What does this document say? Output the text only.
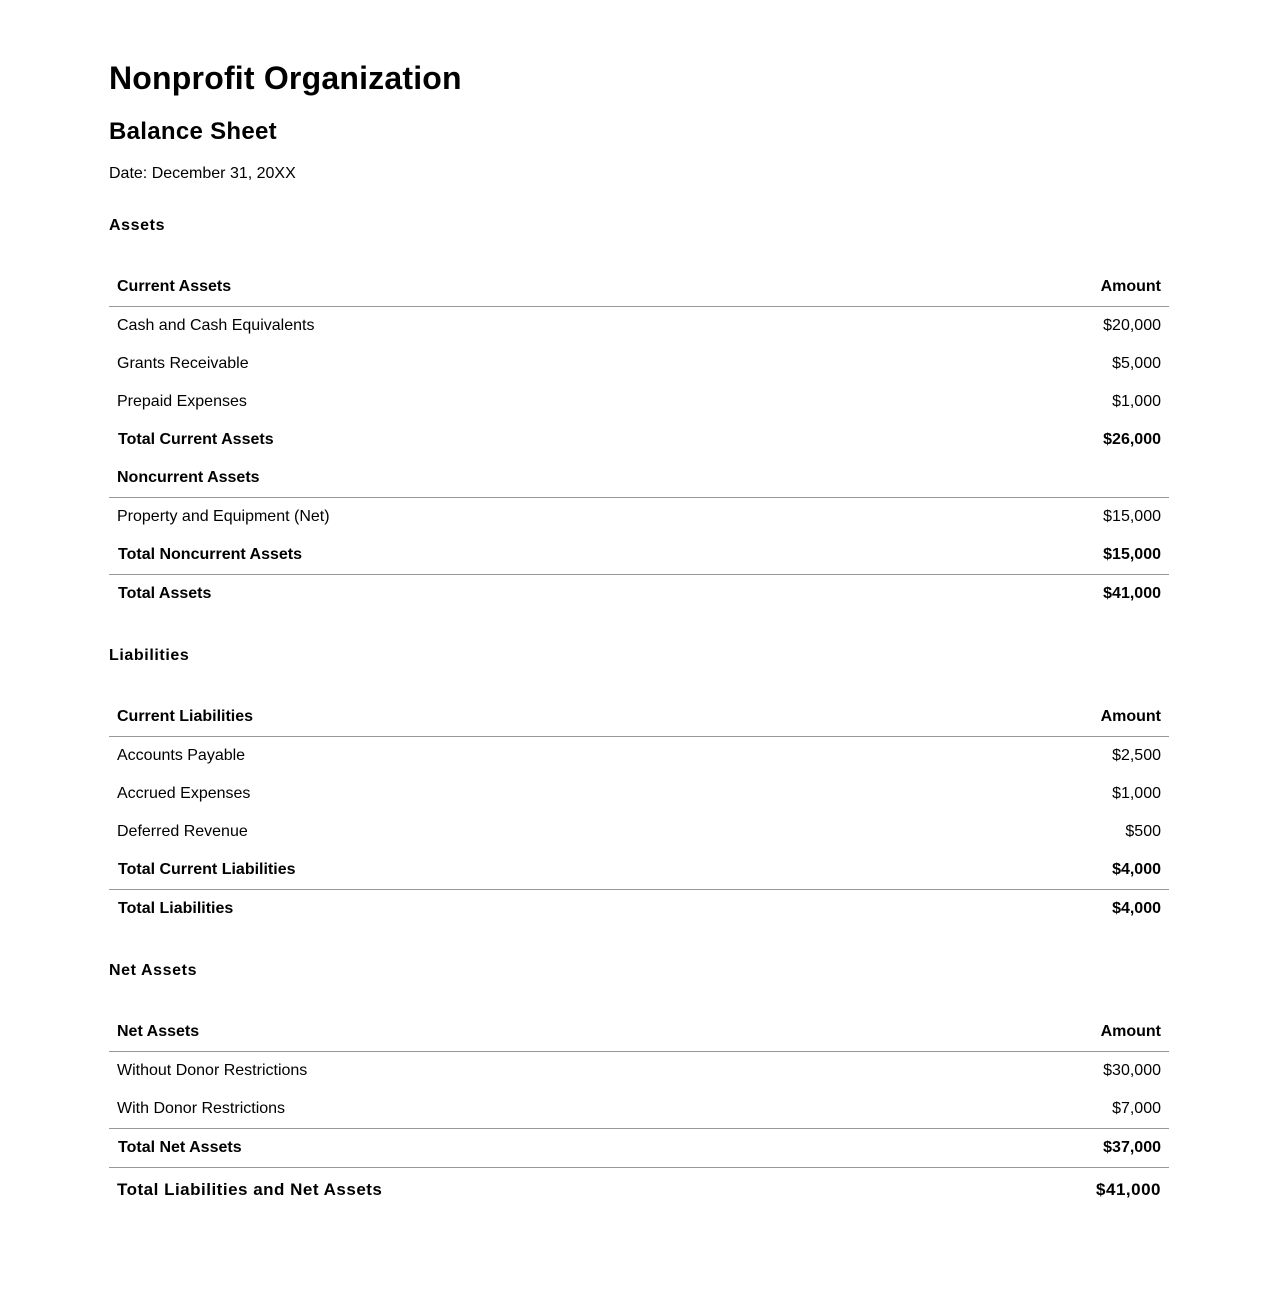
Nonprofit Organization
Balance Sheet
Date: December 31, 20XX
Assets
Current Assets	Amount
Cash and Cash Equivalents	$20,000
Grants Receivable	$5,000
Prepaid Expenses	$1,000
Total Current Assets	$26,000
Noncurrent Assets
Property and Equipment (Net)	$15,000
Total Noncurrent Assets	$15,000
Total Assets	$41,000
Liabilities
Current Liabilities	Amount
Accounts Payable	$2,500
Accrued Expenses	$1,000
Deferred Revenue	$500
Total Current Liabilities	$4,000
Total Liabilities	$4,000
Net Assets
Net Assets	Amount
Without Donor Restrictions	$30,000
With Donor Restrictions	$7,000
Total Net Assets	$37,000
Total Liabilities and Net Assets	$41,000
